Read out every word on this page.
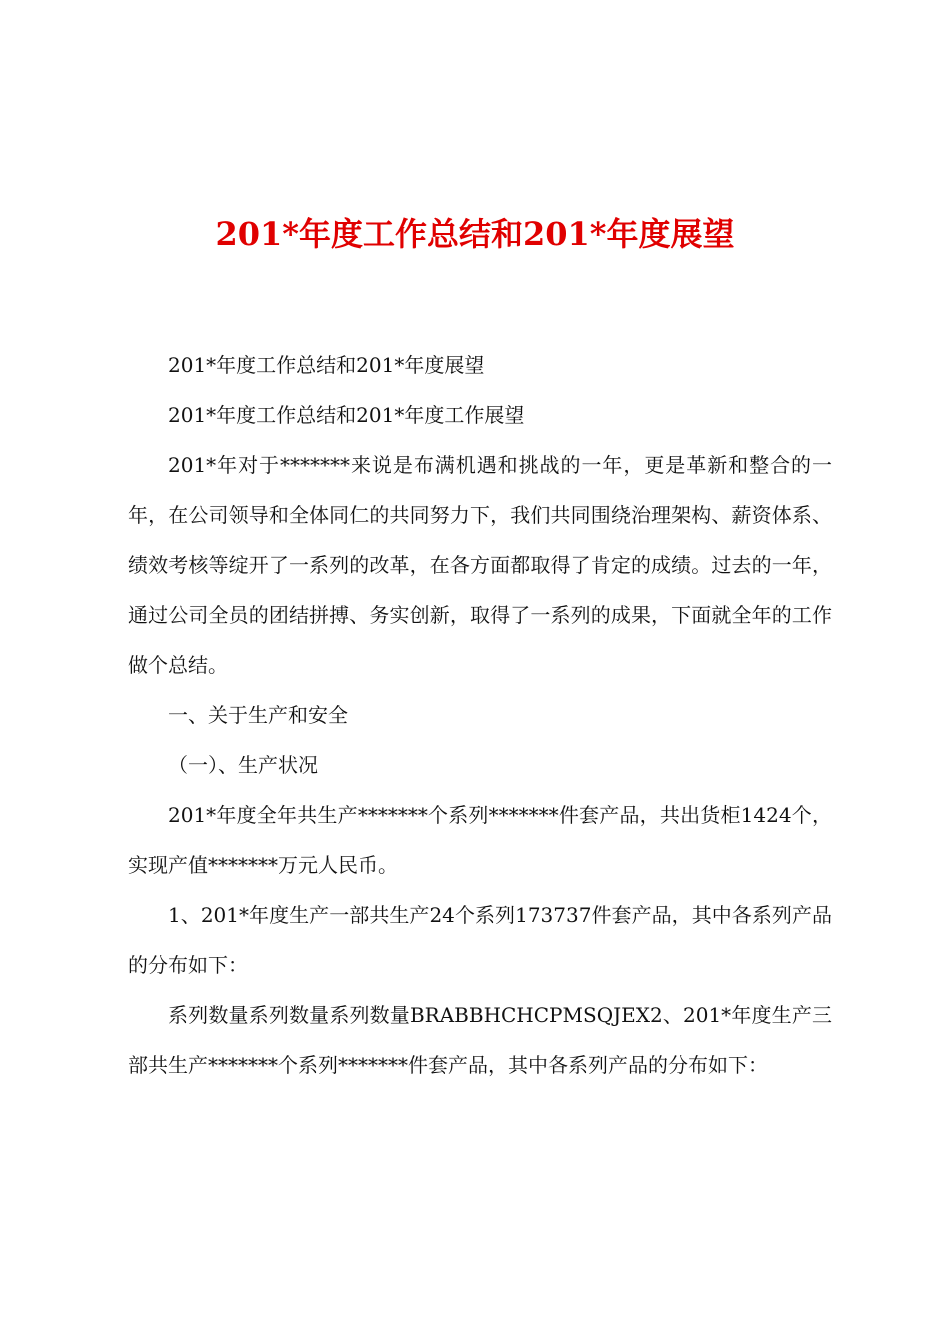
201*年度工作总结和201*年度展望

201*年度工作总结和201*年度展望

201*年度工作总结和201*年度工作展望

201*年对于*******来说是布满机遇和挑战的一年，更是革新和整合的一年，在公司领导和全体同仁的共同努力下，我们共同围绕治理架构、薪资体系、绩效考核等绽开了一系列的改革，在各方面都取得了肯定的成绩。过去的一年，通过公司全员的团结拼搏、务实创新，取得了一系列的成果，下面就全年的工作做个总结。

一、关于生产和安全

（一）、生产状况

201*年度全年共生产*******个系列*******件套产品，共出货柜1424个，实现产值*******万元人民币。

1、201*年度生产一部共生产24个系列173737件套产品，其中各系列产品的分布如下：

系列数量系列数量系列数量BRABBHCHCPMSQJEX2、201*年度生产三部共生产*******个系列*******件套产品，其中各系列产品的分布如下：
